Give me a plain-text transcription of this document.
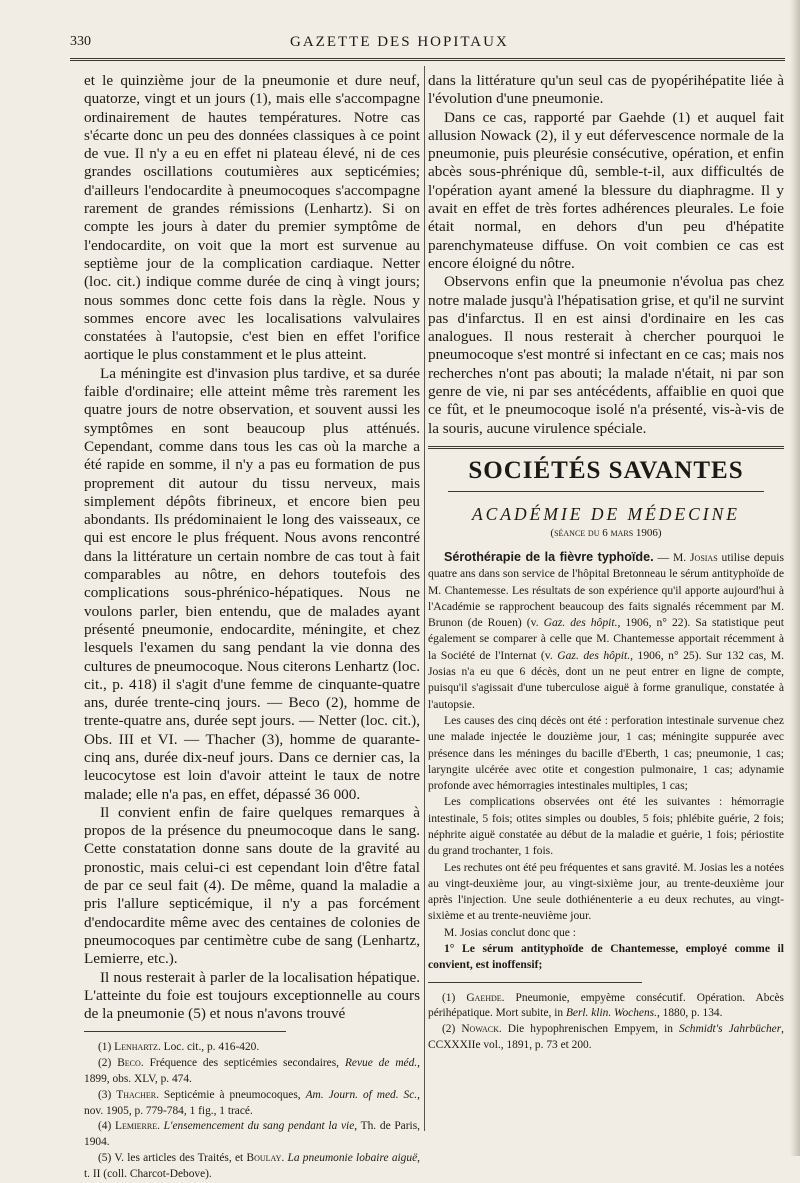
330	GAZETTE DES HOPITAUX

et le quinzième jour de la pneumonie et dure neuf, quatorze, vingt et un jours (1), mais elle s'accompagne ordinairement de hautes températures. Notre cas s'écarte donc un peu des données classiques à ce point de vue. Il n'y a eu en effet ni plateau élevé, ni de ces grandes oscillations coutumières aux septicémies; d'ailleurs l'endocardite à pneumocoques s'accompagne rarement de grandes rémissions (Lenhartz). Si on compte les jours à dater du premier symptôme de l'endocardite, on voit que la mort est survenue au septième jour de la complication cardiaque. Netter (loc. cit.) indique comme durée de cinq à vingt jours; nous sommes donc cette fois dans la règle. Nous y sommes encore avec les localisations valvulaires constatées à l'autopsie, c'est bien en effet l'orifice aortique le plus constamment et le plus atteint.

La méningite est d'invasion plus tardive, et sa durée faible d'ordinaire; elle atteint même très rarement les quatre jours de notre observation, et souvent aussi les symptômes en sont beaucoup plus atténués. Cependant, comme dans tous les cas où la marche a été rapide en somme, il n'y a pas eu formation de pus proprement dit autour du tissu nerveux, mais simplement dépôts fibrineux, et encore bien peu abondants. Ils prédominaient le long des vaisseaux, ce qui est encore le plus fréquent. Nous avons rencontré dans la littérature un certain nombre de cas tout à fait comparables au nôtre, en dehors toutefois des complications sous-phrénico-hépatiques. Nous ne voulons parler, bien entendu, que de malades ayant présenté pneumonie, endocardite, méningite, et chez lesquels l'examen du sang pendant la vie donna des cultures de pneumocoque. Nous citerons Lenhartz (loc. cit., p. 418) il s'agit d'une femme de cinquante-quatre ans, durée trente-cinq jours. — Beco (2), homme de trente-quatre ans, durée sept jours. — Netter (loc. cit.), Obs. III et VI. — Thacher (3), homme de quarante-cinq ans, durée dix-neuf jours. Dans ce dernier cas, la leucocytose est loin d'avoir atteint le taux de notre malade; elle n'a pas, en effet, dépassé 36 000.

Il convient enfin de faire quelques remarques à propos de la présence du pneumocoque dans le sang. Cette constatation donne sans doute de la gravité au pronostic, mais celui-ci est cependant loin d'être fatal de par ce seul fait (4). De même, quand la maladie a pris l'allure septicémique, il n'y a pas forcément d'endocardite même avec des centaines de colonies de pneumocoques par centimètre cube de sang (Lenhartz, Lemierre, etc.).

Il nous resterait à parler de la localisation hépatique. L'atteinte du foie est toujours exceptionnelle au cours de la pneumonie (5) et nous n'avons trouvé

(1) Lenhartz. Loc. cit., p. 416-420.

(2) Beco. Fréquence des septicémies secondaires, Revue de méd., 1899, obs. XLV, p. 474.

(3) Thacher. Septicémie à pneumocoques, Am. Journ. of med. Sc., nov. 1905, p. 779-784, 1 fig., 1 tracé.

(4) Lemierre. L'ensemencement du sang pendant la vie, Th. de Paris, 1904.

(5) V. les articles des Traités, et Boulay. La pneumonie lobaire aiguë, t. II (coll. Charcot-Debove).

dans la littérature qu'un seul cas de pyopérihépatite liée à l'évolution d'une pneumonie.

Dans ce cas, rapporté par Gaehde (1) et auquel fait allusion Nowack (2), il y eut défervescence normale de la pneumonie, puis pleurésie consécutive, opération, et enfin abcès sous-phrénique dû, semble-t-il, aux difficultés de l'opération ayant amené la blessure du diaphragme. Il y avait en effet de très fortes adhérences pleurales. Le foie était normal, en dehors d'un peu d'hépatite parenchymateuse diffuse. On voit combien ce cas est encore éloigné du nôtre.

Observons enfin que la pneumonie n'évolua pas chez notre malade jusqu'à l'hépatisation grise, et qu'il ne survint pas d'infarctus. Il en est ainsi d'ordinaire en les cas analogues. Il nous resterait à chercher pourquoi le pneumocoque s'est montré si infectant en ce cas; mais nos recherches n'ont pas abouti; la malade n'était, ni par son genre de vie, ni par ses antécédents, affaiblie en quoi que ce fût, et le pneumocoque isolé n'a présenté, vis-à-vis de la souris, aucune virulence spéciale.

SOCIÉTÉS SAVANTES
ACADÉMIE DE MÉDECINE
(séance du 6 mars 1906)

Sérothérapie de la fièvre typhoïde. — M. Josias utilise depuis quatre ans dans son service de l'hôpital Bretonneau le sérum antityphoïde de M. Chantemesse. Les résultats de son expérience qu'il apporte aujourd'hui à l'Académie se rapprochent beaucoup des faits signalés récemment par M. Brunon (de Rouen) (v. Gaz. des hôpit., 1906, n° 22). Sa statistique peut également se comparer à celle que M. Chantemesse apportait récemment à la Société de l'Internat (v. Gaz. des hôpit., 1906, n° 25). Sur 132 cas, M. Josias n'a eu que 6 décès, dont un ne peut entrer en ligne de compte, puisqu'il s'agissait d'une tuberculose aiguë à forme granulique, constatée à l'autopsie.

Les causes des cinq décès ont été : perforation intestinale survenue chez une malade injectée le douzième jour, 1 cas; méningite suppurée avec présence dans les méninges du bacille d'Eberth, 1 cas; pneumonie, 1 cas; laryngite ulcérée avec otite et congestion pulmonaire, 1 cas; adynamie profonde avec hémorragies intestinales multiples, 1 cas;

Les complications observées ont été les suivantes : hémorragie intestinale, 5 fois; otites simples ou doubles, 5 fois; phlébite guérie, 2 fois; néphrite aiguë constatée au début de la maladie et guérie, 1 fois; périostite du grand trochanter, 1 fois.

Les rechutes ont été peu fréquentes et sans gravité. M. Josias les a notées au vingt-deuxième jour, au vingt-sixième jour, au trente-deuxième jour après l'injection. Une seule dothiénenterie a eu deux rechutes, au vingt-sixième et au trente-neuvième jour.

M. Josias conclut donc que :

1° Le sérum antityphoïde de Chantemesse, employé comme il convient, est inoffensif;

(1) Gaehde. Pneumonie, empyème consécutif. Opération. Abcès périhépatique. Mort subite, in Berl. klin. Wochens., 1880, p. 134.

(2) Nowack. Die hypophrenischen Empyem, in Schmidt's Jahrbücher, CCXXXIIe vol., 1891, p. 73 et 200.
